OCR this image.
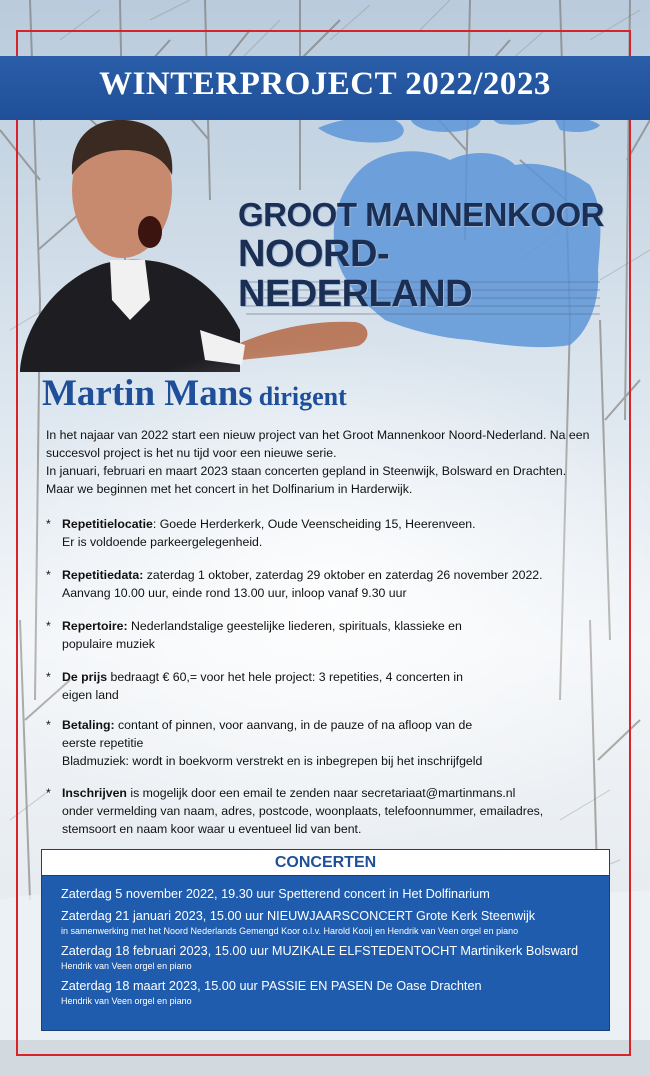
WINTERPROJECT 2022/2023
GROOT MANNENKOOR
NOORD-NEDERLAND
Martin Mans dirigent

In het najaar van 2022 start een nieuw project van het Groot Mannenkoor Noord-Nederland. Na een succesvol project is het nu tijd voor een nieuwe serie.

In januari, februari en maart 2023 staan concerten gepland in Steenwijk, Bolsward en Drachten.

Maar we beginnen met het concert in het Dolfinarium in Harderwijk.

* Repetitielocatie: Goede Herderkerk, Oude Veenscheiding 15, Heerenveen.

Er is voldoende parkeergelegenheid.

* Repetitiedata: zaterdag 1 oktober, zaterdag 29 oktober en zaterdag 26 november 2022.

Aanvang 10.00 uur, einde rond 13.00 uur, inloop vanaf 9.30 uur

* Repertoire: Nederlandstalige geestelijke liederen, spirituals, klassieke en

populaire muziek

* De prijs bedraagt € 60,= voor het hele project: 3 repetities, 4 concerten in

eigen land

* Betaling: contant of pinnen, voor aanvang, in de pauze of na afloop van de

eerste repetitie

Bladmuziek: wordt in boekvorm verstrekt en is inbegrepen bij het inschrijfgeld

* Inschrijven is mogelijk door een email te zenden naar secretariaat@martinmans.nl

onder vermelding van naam, adres, postcode, woonplaats, telefoonnummer, emailadres,

stemsoort en naam koor waar u eventueel lid van bent.

CONCERTEN
Zaterdag 5 november 2022, 19.30 uur Spetterend concert in Het Dolfinarium
Zaterdag 21 januari 2023, 15.00 uur NIEUWJAARSCONCERT Grote Kerk Steenwijk
in samenwerking met het Noord Nederlands Gemengd Koor o.l.v. Harold Kooij en Hendrik van Veen orgel en piano
Zaterdag 18 februari 2023, 15.00 uur MUZIKALE ELFSTEDENTOCHT Martinikerk Bolsward
Hendrik van Veen orgel en piano
Zaterdag 18 maart 2023, 15.00 uur PASSIE EN PASEN De Oase Drachten
Hendrik van Veen orgel en piano
